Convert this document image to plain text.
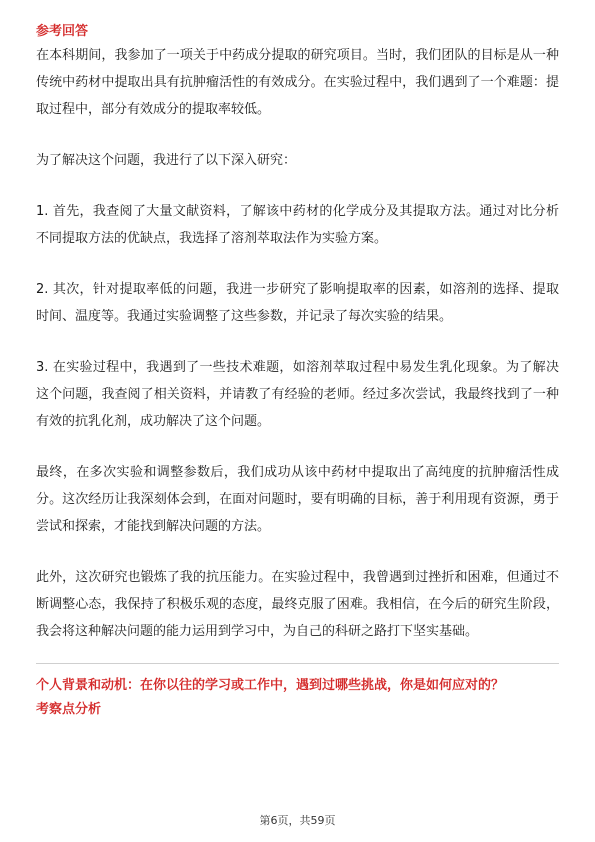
参考回答

在本科期间，我参加了一项关于中药成分提取的研究项目。当时，我们团队的目标是从一种传统中药材中提取出具有抗肿瘤活性的有效成分。在实验过程中，我们遇到了一个难题：提取过程中，部分有效成分的提取率较低。

为了解决这个问题，我进行了以下深入研究：

1. 首先，我查阅了大量文献资料，了解该中药材的化学成分及其提取方法。通过对比分析不同提取方法的优缺点，我选择了溶剂萃取法作为实验方案。

2. 其次，针对提取率低的问题，我进一步研究了影响提取率的因素，如溶剂的选择、提取时间、温度等。我通过实验调整了这些参数，并记录了每次实验的结果。

3. 在实验过程中，我遇到了一些技术难题，如溶剂萃取过程中易发生乳化现象。为了解决这个问题，我查阅了相关资料，并请教了有经验的老师。经过多次尝试，我最终找到了一种有效的抗乳化剂，成功解决了这个问题。

最终，在多次实验和调整参数后，我们成功从该中药材中提取出了高纯度的抗肿瘤活性成分。这次经历让我深刻体会到，在面对问题时，要有明确的目标，善于利用现有资源，勇于尝试和探索，才能找到解决问题的方法。

此外，这次研究也锻炼了我的抗压能力。在实验过程中，我曾遇到过挫折和困难，但通过不断调整心态，我保持了积极乐观的态度，最终克服了困难。我相信，在今后的研究生阶段，我会将这种解决问题的能力运用到学习中，为自己的科研之路打下坚实基础。

个人背景和动机：在你以往的学习或工作中，遇到过哪些挑战，你是如何应对的？

考察点分析

第6页，共59页
